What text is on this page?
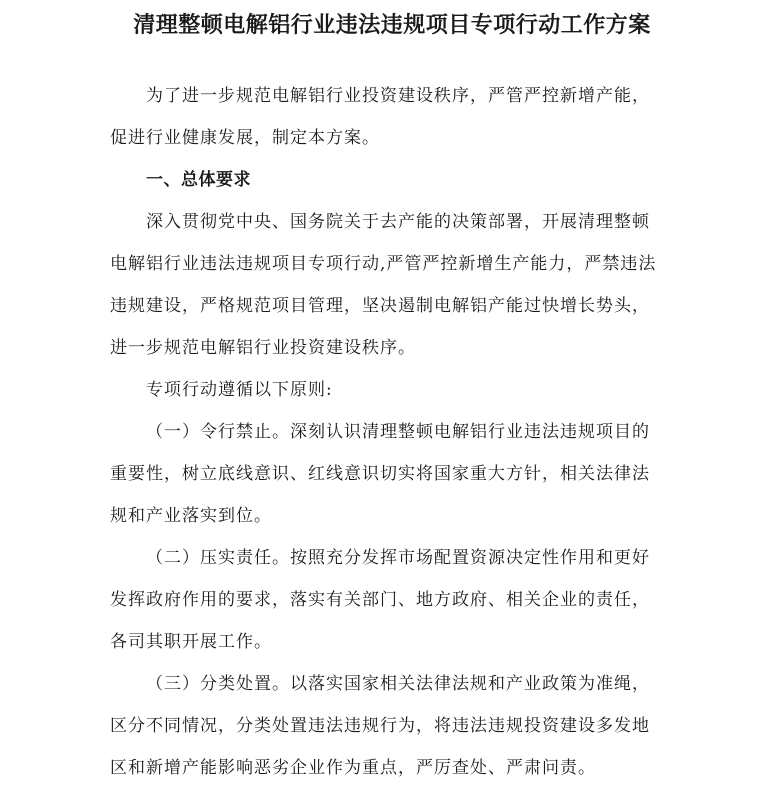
清理整顿电解铝行业违法违规项目专项行动工作方案
为了进一步规范电解铝行业投资建设秩序，严管严控新增产能，
促进行业健康发展，制定本方案。
一、总体要求
深入贯彻党中央、国务院关于去产能的决策部署，开展清理整顿
电解铝行业违法违规项目专项行动,严管严控新增生产能力，严禁违法
违规建设，严格规范项目管理，坚决遏制电解铝产能过快增长势头，
进一步规范电解铝行业投资建设秩序。
专项行动遵循以下原则:
（一）令行禁止。深刻认识清理整顿电解铝行业违法违规项目的
重要性，树立底线意识、红线意识切实将国家重大方针，相关法律法
规和产业落实到位。
（二）压实责任。按照充分发挥市场配置资源决定性作用和更好
发挥政府作用的要求，落实有关部门、地方政府、相关企业的责任，
各司其职开展工作。
（三）分类处置。以落实国家相关法律法规和产业政策为准绳，
区分不同情况，分类处置违法违规行为，将违法违规投资建设多发地
区和新增产能影响恶劣企业作为重点，严厉查处、严肃问责。
